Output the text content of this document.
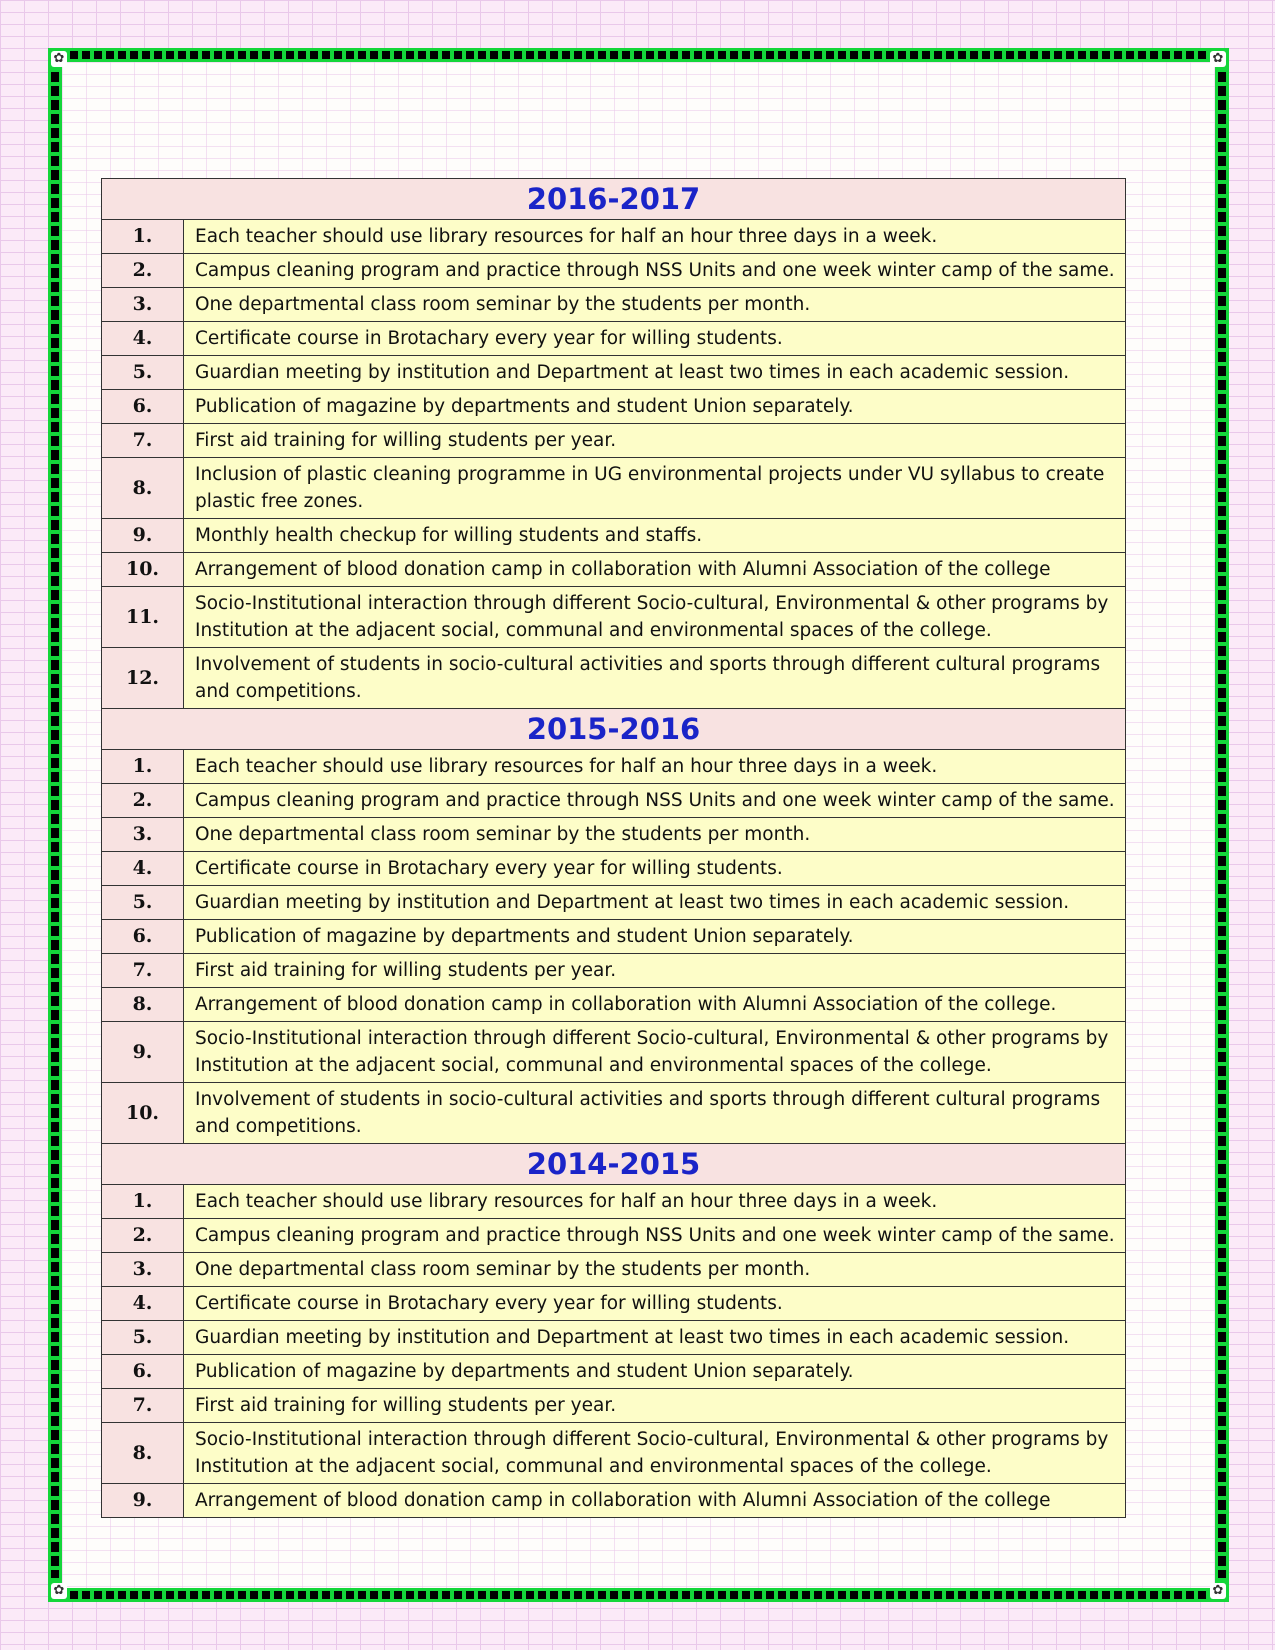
✿	✿
✿	✿
2016-2017	
1.	Each teacher should use library resources for half an hour three days in a week.
2.	Campus cleaning program and practice through NSS Units and one week winter camp of the same.
3.	One departmental class room seminar by the students per month.
4.	Certificate course in Brotachary every year for willing students.
5.	Guardian meeting by institution and Department at least two times in each academic session.
6.	Publication of magazine by departments and student Union separately.
7.	First aid training for willing students per year.
8.	Inclusion of plastic cleaning programme in UG environmental projects under VU syllabus to create plastic free zones.
9.	Monthly health checkup for willing students and staffs.
10.	Arrangement of blood donation camp in collaboration with Alumni Association of the college
11.	Socio-Institutional interaction through different Socio-cultural, Environmental & other programs by Institution at the adjacent social, communal and environmental spaces of the college.
12.	Involvement of students in socio-cultural activities and sports through different cultural programs and competitions.
2015-2016	
1.	Each teacher should use library resources for half an hour three days in a week.
2.	Campus cleaning program and practice through NSS Units and one week winter camp of the same.
3.	One departmental class room seminar by the students per month.
4.	Certificate course in Brotachary every year for willing students.
5.	Guardian meeting by institution and Department at least two times in each academic session.
6.	Publication of magazine by departments and student Union separately.
7.	First aid training for willing students per year.
8.	Arrangement of blood donation camp in collaboration with Alumni Association of the college.
9.	Socio-Institutional interaction through different Socio-cultural, Environmental & other programs by Institution at the adjacent social, communal and environmental spaces of the college.
10.	Involvement of students in socio-cultural activities and sports through different cultural programs and competitions.
2014-2015	
1.	Each teacher should use library resources for half an hour three days in a week.
2.	Campus cleaning program and practice through NSS Units and one week winter camp of the same.
3.	One departmental class room seminar by the students per month.
4.	Certificate course in Brotachary every year for willing students.
5.	Guardian meeting by institution and Department at least two times in each academic session.
6.	Publication of magazine by departments and student Union separately.
7.	First aid training for willing students per year.
8.	Socio-Institutional interaction through different Socio-cultural, Environmental & other programs by Institution at the adjacent social, communal and environmental spaces of the college.
9.	Arrangement of blood donation camp in collaboration with Alumni Association of the college
